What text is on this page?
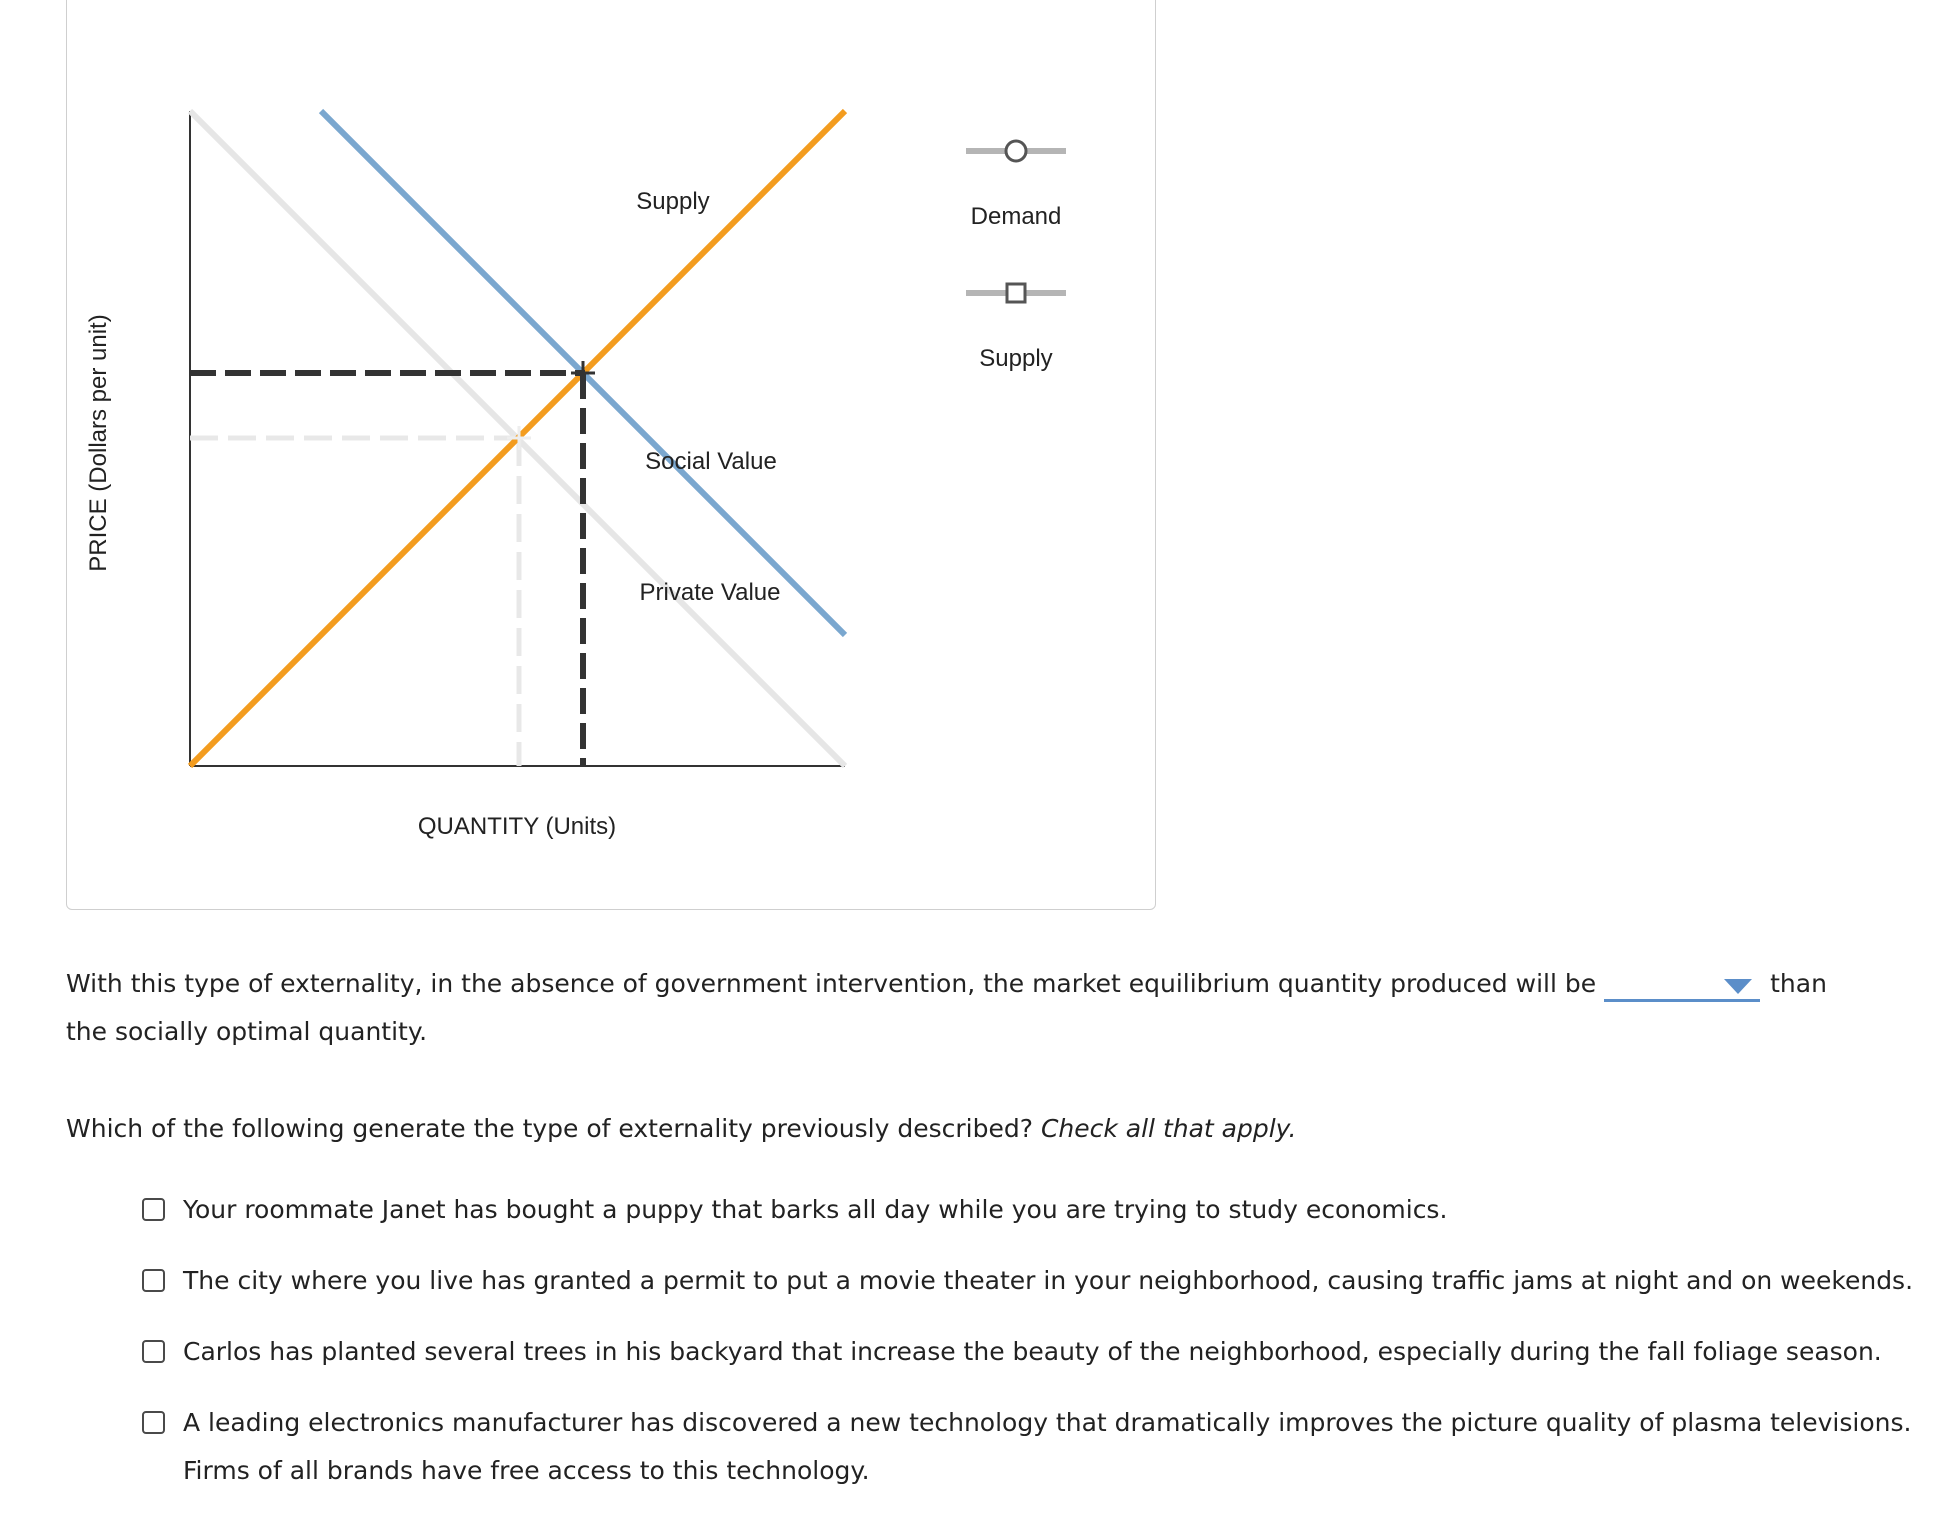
PRICE (Dollars per unit)
Supply
Social Value
Private Value
QUANTITY (Units)
Demand
Supply
With this type of externality, in the absence of government intervention, the market equilibrium quantity produced will be	than the socially optimal quantity.
Which of the following generate the type of externality previously described? Check all that apply.
Your roommate Janet has bought a puppy that barks all day while you are trying to study economics.
The city where you live has granted a permit to put a movie theater in your neighborhood, causing traffic jams at night and on weekends.
Carlos has planted several trees in his backyard that increase the beauty of the neighborhood, especially during the fall foliage season.
A leading electronics manufacturer has discovered a new technology that dramatically improves the picture quality of plasma televisions. Firms of all brands have free access to this technology.
